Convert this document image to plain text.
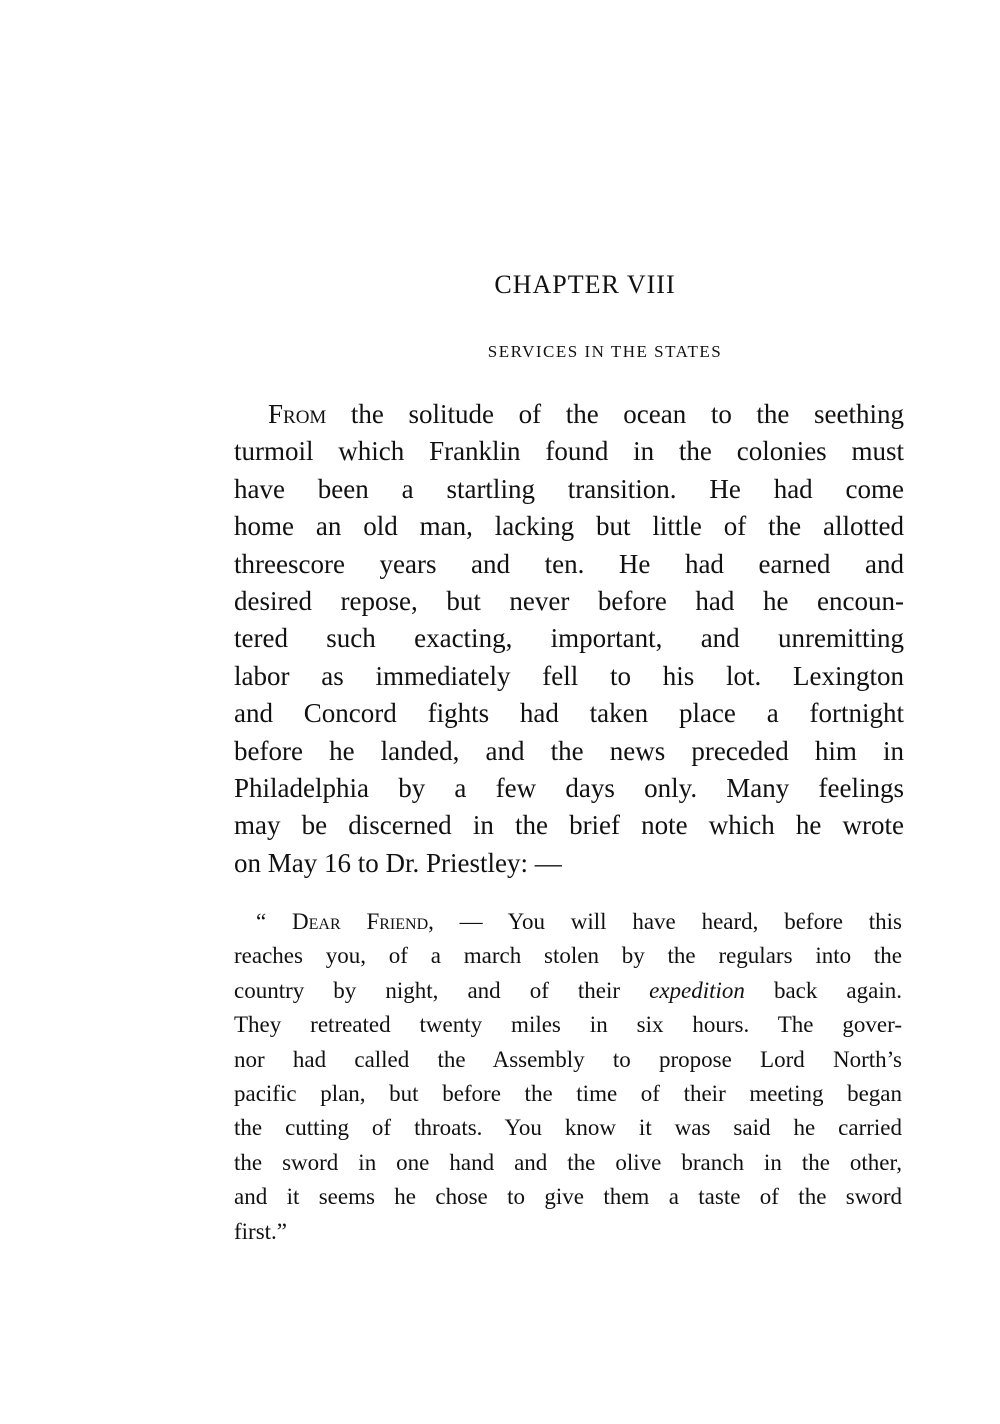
CHAPTER VIII
SERVICES IN THE STATES
From the solitude of the ocean to the seething
turmoil which Franklin found in the colonies must
have been a startling transition. He had come
home an old man, lacking but little of the allotted
threescore years and ten. He had earned and
desired repose, but never before had he encoun-
tered such exacting, important, and unremitting
labor as immediately fell to his lot. Lexington
and Concord fights had taken place a fortnight
before he landed, and the news preceded him in
Philadelphia by a few days only. Many feelings
may be discerned in the brief note which he wrote
on May 16 to Dr. Priestley: —
“ Dear Friend, — You will have heard, before this
reaches you, of a march stolen by the regulars into the
country by night, and of their expedition back again.
They retreated twenty miles in six hours. The gover-
nor had called the Assembly to propose Lord North’s
pacific plan, but before the time of their meeting began
the cutting of throats. You know it was said he carried
the sword in one hand and the olive branch in the other,
and it seems he chose to give them a taste of the sword
first.”
